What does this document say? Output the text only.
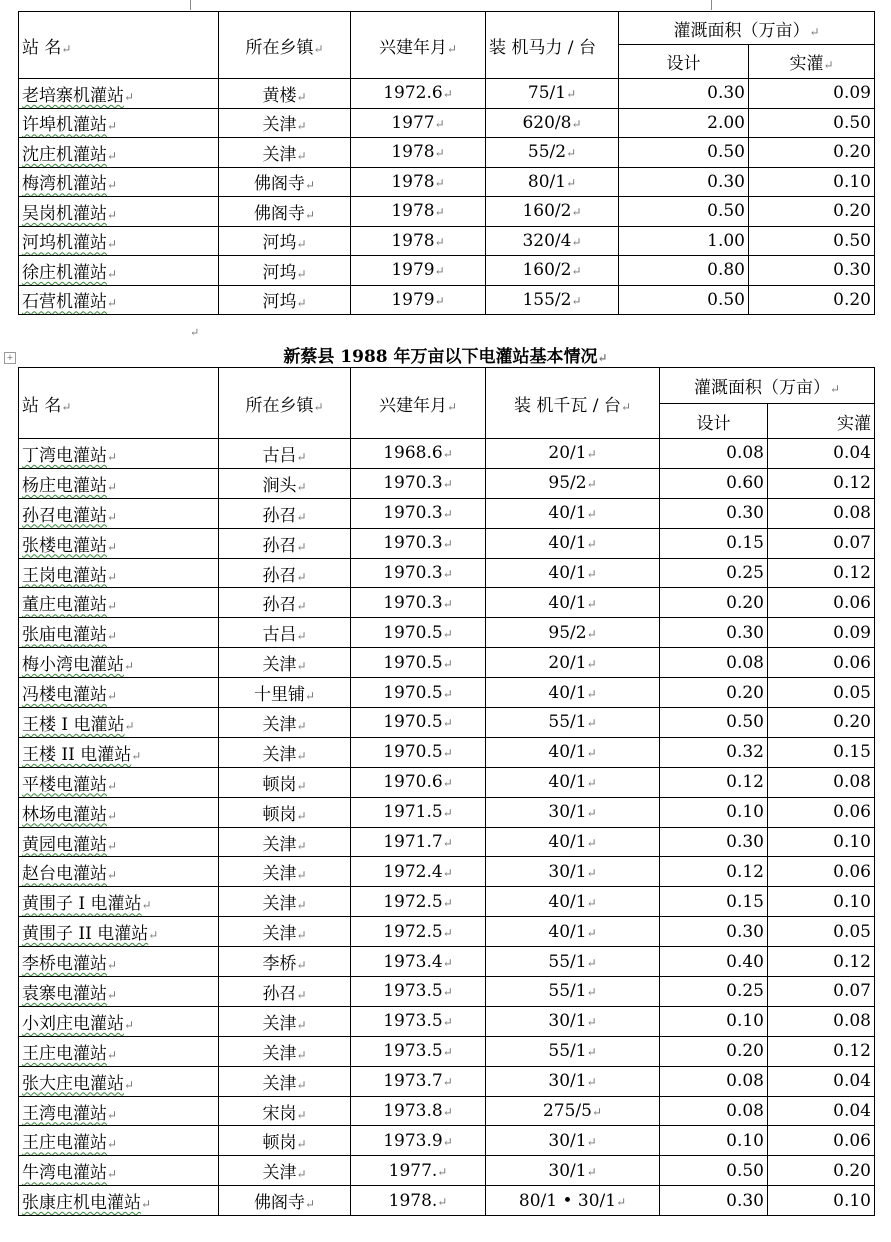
站 名↵	所在乡镇↵	兴建年月↵	装 机马力 / 台	灌溉面积（万亩）↵	
				设计	实灌↵
老培寨机灌站↵	黄楼↵	1972.6↵	75/1↵	0.30	0.09
许埠机灌站↵	关津↵	1977↵	620/8↵	2.00	0.50
沈庄机灌站↵	关津↵	1978↵	55/2↵	0.50	0.20
梅湾机灌站↵	佛阁寺↵	1978↵	80/1↵	0.30	0.10
吴岗机灌站↵	佛阁寺↵	1978↵	160/2↵	0.50	0.20
河坞机灌站↵	河坞↵	1978↵	320/4↵	1.00	0.50
徐庄机灌站↵	河坞↵	1979↵	160/2↵	0.80	0.30
石营机灌站↵	河坞↵	1979↵	155/2↵	0.50	0.20
↵
+	新蔡县 1988 年万亩以下电灌站基本情况↵
站 名↵	所在乡镇↵	兴建年月↵	装 机千瓦 / 台↵	灌溉面积（万亩）↵	
				设计	实灌
丁湾电灌站↵	古吕↵	1968.6↵	20/1↵	0.08	0.04
杨庄电灌站↵	涧头↵	1970.3↵	95/2↵	0.60	0.12
孙召电灌站↵	孙召↵	1970.3↵	40/1↵	0.30	0.08
张楼电灌站↵	孙召↵	1970.3↵	40/1↵	0.15	0.07
王岗电灌站↵	孙召↵	1970.3↵	40/1↵	0.25	0.12
董庄电灌站↵	孙召↵	1970.3↵	40/1↵	0.20	0.06
张庙电灌站↵	古吕↵	1970.5↵	95/2↵	0.30	0.09
梅小湾电灌站↵	关津↵	1970.5↵	20/1↵	0.08	0.06
冯楼电灌站↵	十里铺↵	1970.5↵	40/1↵	0.20	0.05
王楼 I 电灌站↵	关津↵	1970.5↵	55/1↵	0.50	0.20
王楼 II 电灌站↵	关津↵	1970.5↵	40/1↵	0.32	0.15
平楼电灌站↵	顿岗↵	1970.6↵	40/1↵	0.12	0.08
林场电灌站↵	顿岗↵	1971.5↵	30/1↵	0.10	0.06
黄园电灌站↵	关津↵	1971.7↵	40/1↵	0.30	0.10
赵台电灌站↵	关津↵	1972.4↵	30/1↵	0.12	0.06
黄围子 I 电灌站↵	关津↵	1972.5↵	40/1↵	0.15	0.10
黄围子 II 电灌站↵	关津↵	1972.5↵	40/1↵	0.30	0.05
李桥电灌站↵	李桥↵	1973.4↵	55/1↵	0.40	0.12
袁寨电灌站↵	孙召↵	1973.5↵	55/1↵	0.25	0.07
小刘庄电灌站↵	关津↵	1973.5↵	30/1↵	0.10	0.08
王庄电灌站↵	关津↵	1973.5↵	55/1↵	0.20	0.12
张大庄电灌站↵	关津↵	1973.7↵	30/1↵	0.08	0.04
王湾电灌站↵	宋岗↵	1973.8↵	275/5↵	0.08	0.04
王庄电灌站↵	顿岗↵	1973.9↵	30/1↵	0.10	0.06
牛湾电灌站↵	关津↵	1977.↵	30/1↵	0.50	0.20
张康庄机电灌站↵	佛阁寺↵	1978.↵	80/1 • 30/1↵	0.30	0.10
